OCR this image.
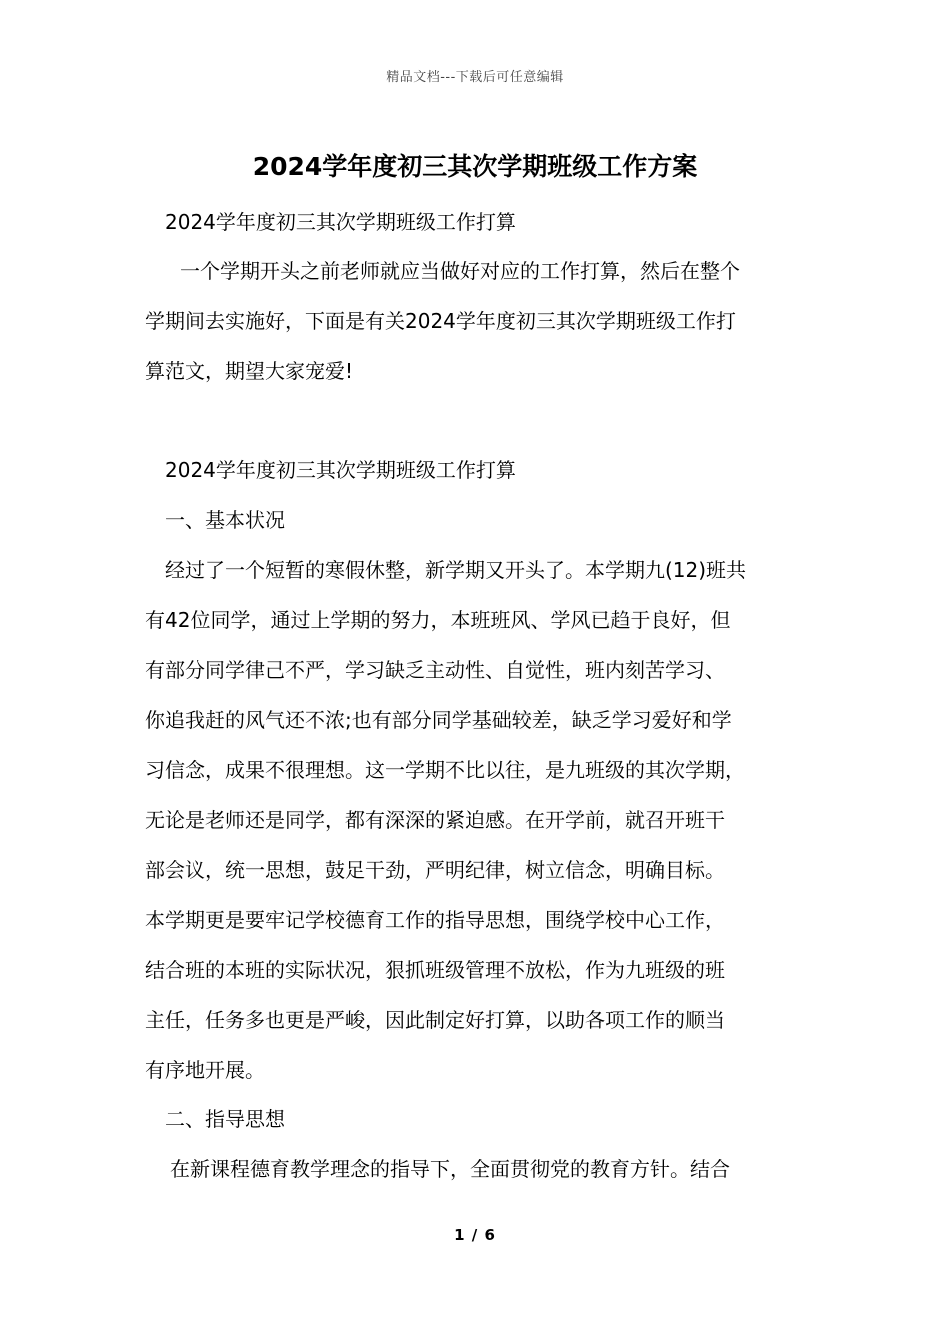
精品文档---下载后可任意编辑
2024学年度初三其次学期班级工作方案

2024学年度初三其次学期班级工作打算

一个学期开头之前老师就应当做好对应的工作打算，然后在整个

学期间去实施好，下面是有关2024学年度初三其次学期班级工作打

算范文，期望大家宠爱!

2024学年度初三其次学期班级工作打算

一、基本状况

经过了一个短暂的寒假休整，新学期又开头了。本学期九(12)班共

有42位同学，通过上学期的努力，本班班风、学风已趋于良好，但

有部分同学律己不严，学习缺乏主动性、自觉性，班内刻苦学习、

你追我赶的风气还不浓;也有部分同学基础较差，缺乏学习爱好和学

习信念，成果不很理想。这一学期不比以往，是九班级的其次学期，

无论是老师还是同学，都有深深的紧迫感。在开学前，就召开班干

部会议，统一思想，鼓足干劲，严明纪律，树立信念，明确目标。

本学期更是要牢记学校德育工作的指导思想，围绕学校中心工作，

结合班的本班的实际状况，狠抓班级管理不放松，作为九班级的班

主任，任务多也更是严峻，因此制定好打算，以助各项工作的顺当

有序地开展。

二、指导思想

在新课程德育教学理念的指导下，全面贯彻党的教育方针。结合

1 / 6
